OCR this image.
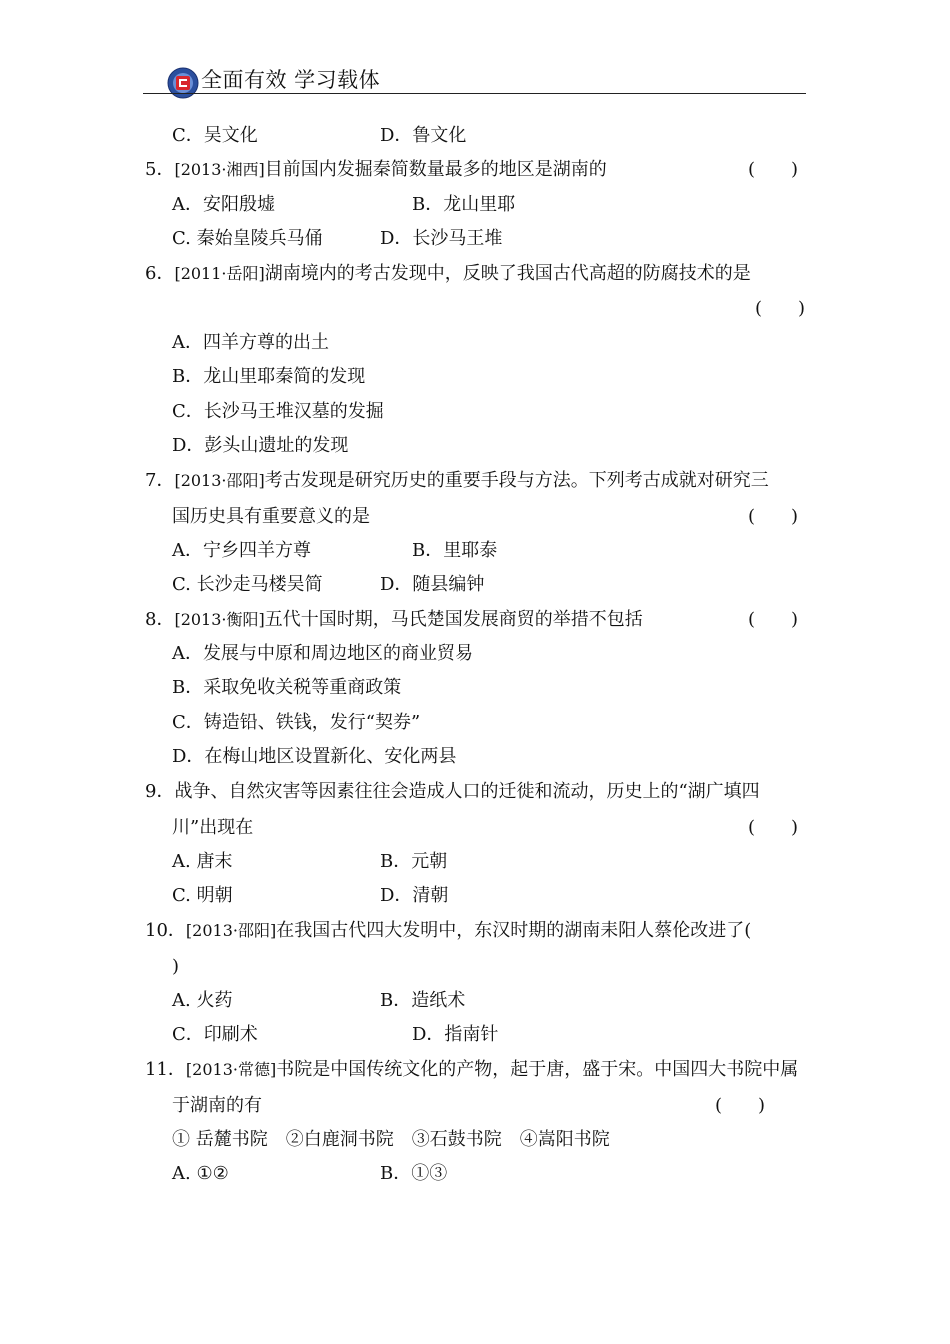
全面有效 学习载体
C．吴文化	D．鲁文化
5．[2013·湘西]目前国内发掘秦简数量最多的地区是湖南的	(　　)
A．安阳殷墟	B．龙山里耶
C. 秦始皇陵兵马俑	D．长沙马王堆
6．[2011·岳阳]湖南境内的考古发现中，反映了我国古代高超的防腐技术的是
(　　)
A．四羊方尊的出土
B．龙山里耶秦简的发现
C．长沙马王堆汉墓的发掘
D．彭头山遗址的发现
7．[2013·邵阳]考古发现是研究历史的重要手段与方法。下列考古成就对研究三
国历史具有重要意义的是	(　　)
A．宁乡四羊方尊	B．里耶泰
C. 长沙走马楼吴简	D．随县编钟
8．[2013·衡阳]五代十国时期，马氏楚国发展商贸的举措不包括	(　　)
A．发展与中原和周边地区的商业贸易
B．采取免收关税等重商政策
C．铸造铅、铁钱，发行“契券”
D．在梅山地区设置新化、安化两县
9．战争、自然灾害等因素往往会造成人口的迁徙和流动，历史上的“湖广填四
川”出现在	(　　)
A. 唐末	B．元朝
C. 明朝	D．清朝
10．[2013·邵阳]在我国古代四大发明中，东汉时期的湖南耒阳人蔡伦改进了(
)
A. 火药	B．造纸术
C．印刷术	D．指南针
11．[2013·常德]书院是中国传统文化的产物，起于唐，盛于宋。中国四大书院中属
于湖南的有	(　　)
① 岳麓书院　②白鹿洞书院　③石鼓书院　④嵩阳书院
A. ①②	B．①③
